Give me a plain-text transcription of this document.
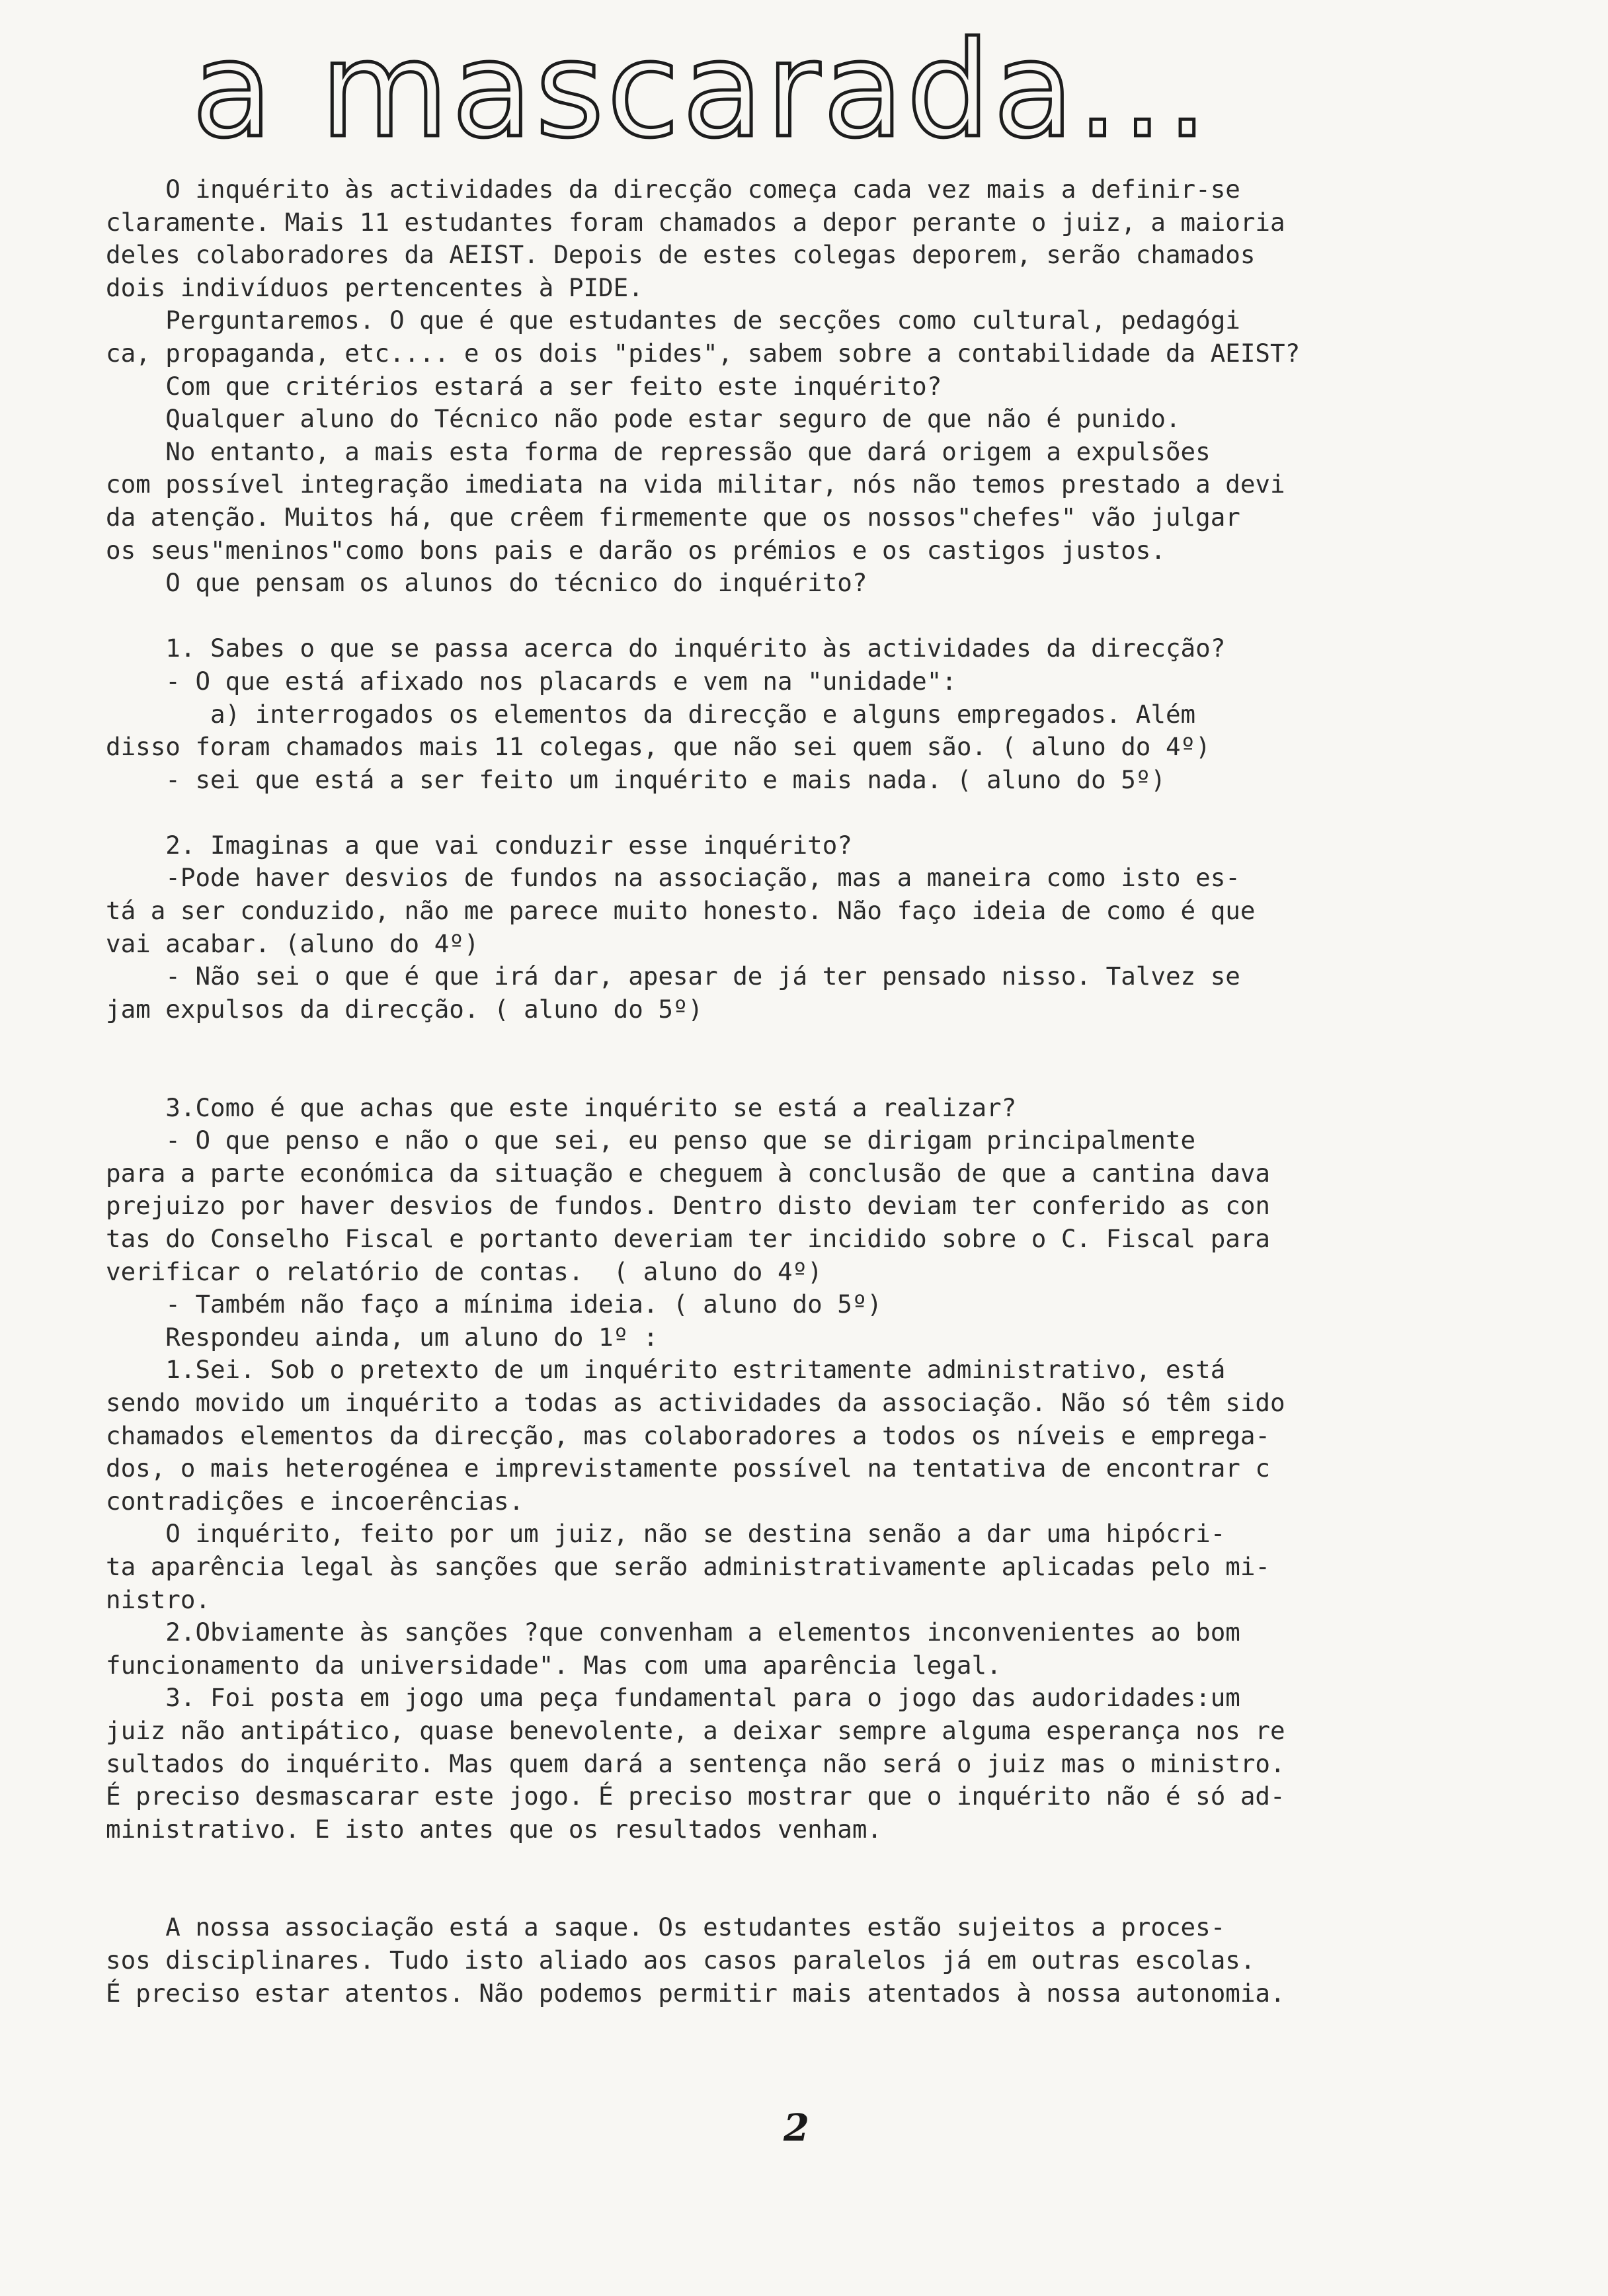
a mascarada...
O inquérito às actividades da direcção começa cada vez mais a definir-se
claramente. Mais 11 estudantes foram chamados a depor perante o juiz, a maioria
deles colaboradores da AEIST. Depois de estes colegas deporem, serão chamados
dois indivíduos pertencentes à PIDE.
Perguntaremos. O que é que estudantes de secções como cultural, pedagógi
ca, propaganda, etc.... e os dois "pides", sabem sobre a contabilidade da AEIST?
Com que critérios estará a ser feito este inquérito?
Qualquer aluno do Técnico não pode estar seguro de que não é punido.
No entanto, a mais esta forma de repressão que dará origem a expulsões
com possível integração imediata na vida militar, nós não temos prestado a devi
da atenção. Muitos há, que crêem firmemente que os nossos"chefes" vão julgar
os seus"meninos"como bons pais e darão os prémios e os castigos justos.
O que pensam os alunos do técnico do inquérito?
1. Sabes o que se passa acerca do inquérito às actividades da direcção?
- O que está afixado nos placards e vem na "unidade":
a) interrogados os elementos da direcção e alguns empregados. Além
disso foram chamados mais 11 colegas, que não sei quem são. ( aluno do 4º)
- sei que está a ser feito um inquérito e mais nada. ( aluno do 5º)
2. Imaginas a que vai conduzir esse inquérito?
-Pode haver desvios de fundos na associação, mas a maneira como isto es-
tá a ser conduzido, não me parece muito honesto. Não faço ideia de como é que
vai acabar. (aluno do 4º)
- Não sei o que é que irá dar, apesar de já ter pensado nisso. Talvez se
jam expulsos da direcção. ( aluno do 5º)
3.Como é que achas que este inquérito se está a realizar?
- O que penso e não o que sei, eu penso que se dirigam principalmente
para a parte económica da situação e cheguem à conclusão de que a cantina dava
prejuizo por haver desvios de fundos. Dentro disto deviam ter conferido as con
tas do Conselho Fiscal e portanto deveriam ter incidido sobre o C. Fiscal para
verificar o relatório de contas.  ( aluno do 4º)
- Também não faço a mínima ideia. ( aluno do 5º)
Respondeu ainda, um aluno do 1º :
1.Sei. Sob o pretexto de um inquérito estritamente administrativo, está
sendo movido um inquérito a todas as actividades da associação. Não só têm sido
chamados elementos da direcção, mas colaboradores a todos os níveis e emprega-
dos, o mais heterogénea e imprevistamente possível na tentativa de encontrar c
contradições e incoerências.
O inquérito, feito por um juiz, não se destina senão a dar uma hipócri-
ta aparência legal às sanções que serão administrativamente aplicadas pelo mi-
nistro.
2.Obviamente às sanções ?que convenham a elementos inconvenientes ao bom
funcionamento da universidade". Mas com uma aparência legal.
3. Foi posta em jogo uma peça fundamental para o jogo das audoridades:um
juiz não antipático, quase benevolente, a deixar sempre alguma esperança nos re
sultados do inquérito. Mas quem dará a sentença não será o juiz mas o ministro.
É preciso desmascarar este jogo. É preciso mostrar que o inquérito não é só ad-
ministrativo. E isto antes que os resultados venham.
A nossa associação está a saque. Os estudantes estão sujeitos a proces-
sos disciplinares. Tudo isto aliado aos casos paralelos já em outras escolas.
É preciso estar atentos. Não podemos permitir mais atentados à nossa autonomia.
2
